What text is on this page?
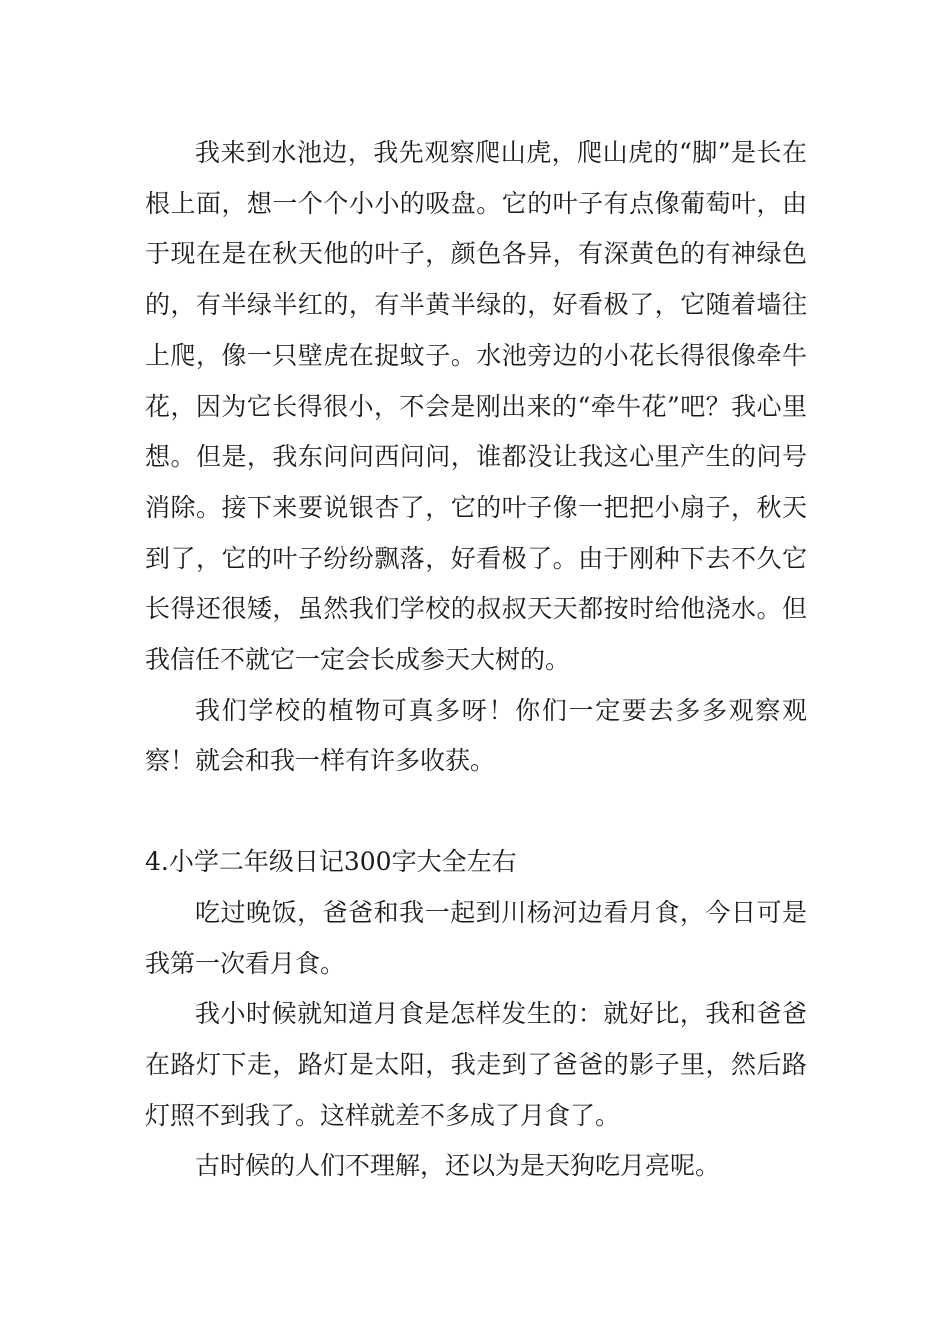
我来到水池边，我先观察爬山虎，爬山虎的“脚”是长在根上面，想一个个小小的吸盘。它的叶子有点像葡萄叶，由于现在是在秋天他的叶子，颜色各异，有深黄色的有神绿色的，有半绿半红的，有半黄半绿的，好看极了，它随着墙往上爬，像一只壁虎在捉蚊子。水池旁边的小花长得很像牵牛花，因为它长得很小，不会是刚出来的“牵牛花”吧？我心里想。但是，我东问问西问问，谁都没让我这心里产生的问号消除。接下来要说银杏了，它的叶子像一把把小扇子，秋天到了，它的叶子纷纷飘落，好看极了。由于刚种下去不久它长得还很矮，虽然我们学校的叔叔天天都按时给他浇水。但我信任不就它一定会长成参天大树的。

我们学校的植物可真多呀！你们一定要去多多观察观察！就会和我一样有许多收获。

4.小学二年级日记300字大全左右

吃过晚饭，爸爸和我一起到川杨河边看月食，今日可是我第一次看月食。

我小时候就知道月食是怎样发生的：就好比，我和爸爸在路灯下走，路灯是太阳，我走到了爸爸的影子里，然后路灯照不到我了。这样就差不多成了月食了。

古时候的人们不理解，还以为是天狗吃月亮呢。
